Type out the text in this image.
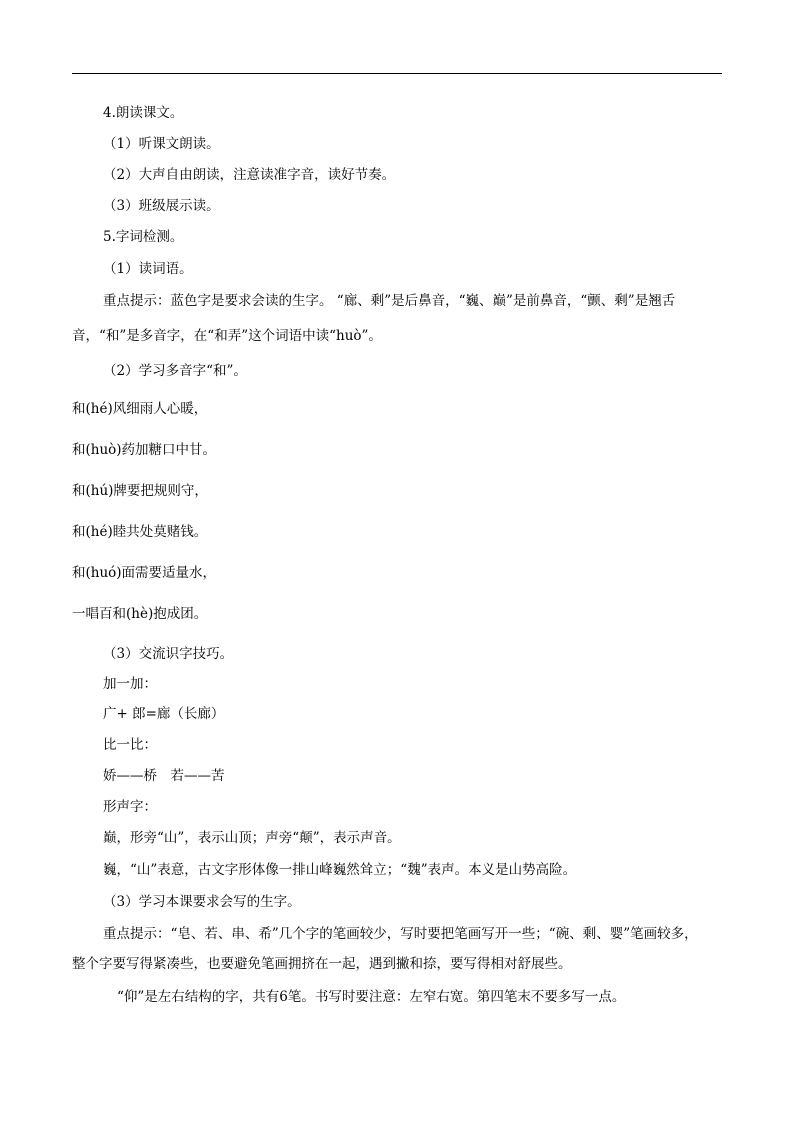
4.朗读课文。
（1）听课文朗读。
（2）大声自由朗读，注意读准字音，读好节奏。
（3）班级展示读。
5.字词检测。
（1）读词语。
重点提示：蓝色字是要求会读的生字。 “廊、剩”是后鼻音，“巍、巅”是前鼻音，“颤、剩”是翘舌
音，“和”是多音字，在“和弄”这个词语中读“huò”。
（2）学习多音字“和”。
和(hé)风细雨人心暖，
和(huò)药加糖口中甘。
和(hú)牌要把规则守，
和(hé)睦共处莫赌钱。
和(huó)面需要适量水，
一唱百和(hè)抱成团。
（3）交流识字技巧。
加一加：
广+ 郎=廊（长廊）
比一比：
娇——桥　若——苦
形声字：
巅，形旁“山”，表示山顶；声旁“颠”，表示声音。
巍，“山”表意，古文字形体像一排山峰巍然耸立；“魏”表声。本义是山势高险。
（3）学习本课要求会写的生字。
重点提示：“皂、若、串、希”几个字的笔画较少，写时要把笔画写开一些；“碗、剩、婴”笔画较多，
整个字要写得紧凑些，也要避免笔画拥挤在一起，遇到撇和捺，要写得相对舒展些。
“仰”是左右结构的字，共有6笔。书写时要注意：左窄右宽。第四笔末不要多写一点。
